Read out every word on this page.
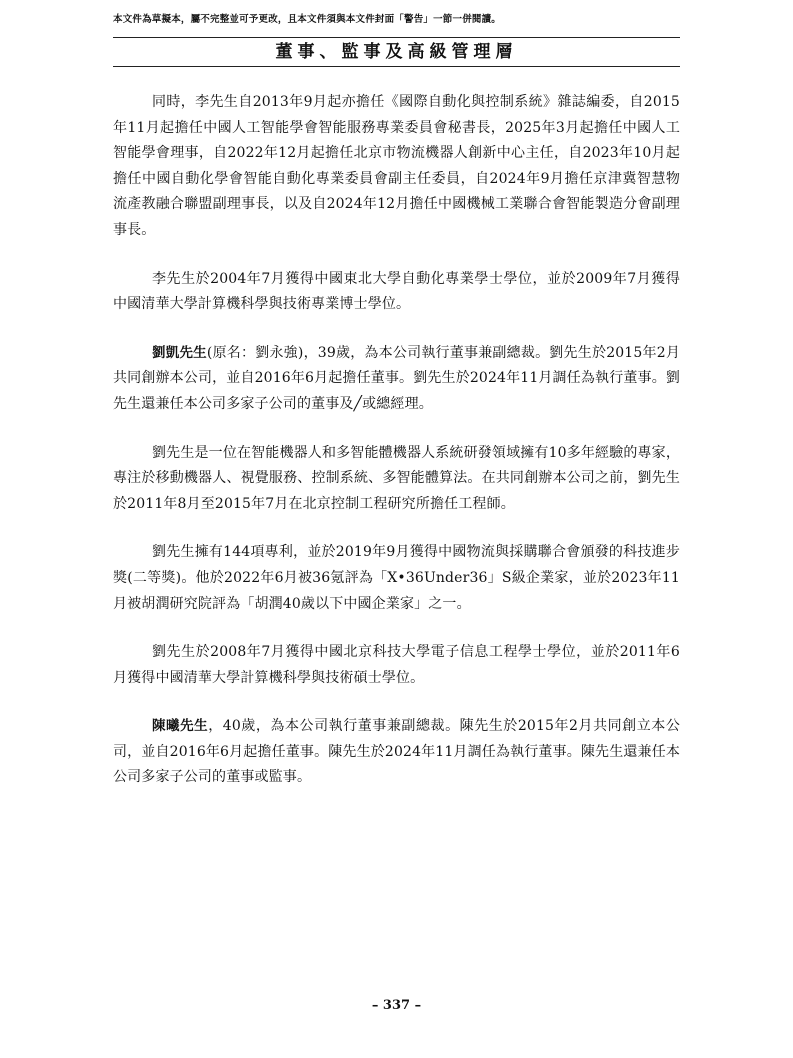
本文件為草擬本，屬不完整並可予更改，且本文件須與本文件封面「警告」一節一併閱讀。
董事、監事及高級管理層

同時，李先生自2013年9月起亦擔任《國際自動化與控制系統》雜誌編委，自2015年11月起擔任中國人工智能學會智能服務專業委員會秘書長，2025年3月起擔任中國人工智能學會理事，自2022年12月起擔任北京市物流機器人創新中心主任，自2023年10月起擔任中國自動化學會智能自動化專業委員會副主任委員，自2024年9月擔任京津冀智慧物流產教融合聯盟副理事長，以及自2024年12月擔任中國機械工業聯合會智能製造分會副理事長。

李先生於2004年7月獲得中國東北大學自動化專業學士學位，並於2009年7月獲得中國清華大學計算機科學與技術專業博士學位。

劉凱先生(原名：劉永強)，39歲，為本公司執行董事兼副總裁。劉先生於2015年2月共同創辦本公司，並自2016年6月起擔任董事。劉先生於2024年11月調任為執行董事。劉先生還兼任本公司多家子公司的董事及╱或總經理。

劉先生是一位在智能機器人和多智能體機器人系統研發領域擁有10多年經驗的專家，專注於移動機器人、視覺服務、控制系統、多智能體算法。在共同創辦本公司之前，劉先生於2011年8月至2015年7月在北京控制工程研究所擔任工程師。

劉先生擁有144項專利，並於2019年9月獲得中國物流與採購聯合會頒發的科技進步獎(二等獎)。他於2022年6月被36氪評為「X•36Under36」S級企業家，並於2023年11月被胡潤研究院評為「胡潤40歲以下中國企業家」之一。

劉先生於2008年7月獲得中國北京科技大學電子信息工程學士學位，並於2011年6月獲得中國清華大學計算機科學與技術碩士學位。

陳曦先生，40歲，為本公司執行董事兼副總裁。陳先生於2015年2月共同創立本公司，並自2016年6月起擔任董事。陳先生於2024年11月調任為執行董事。陳先生還兼任本公司多家子公司的董事或監事。

– 337 –
